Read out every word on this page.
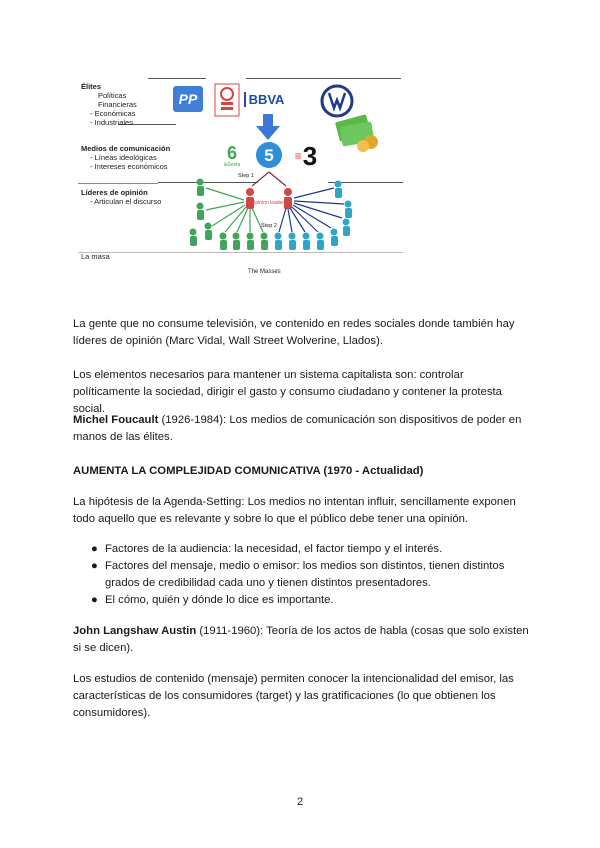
Élites
Políticas
Financieras
- Económicas
- Industriales
Medios de comunicación
- Líneas ideológicas
- Intereses económicos
Líderes de opinión
- Articulan el discurso
La masa
The Masses
PP	BBVA
VW
6
laSexta 5 ≡ 3
Step 1
Step 2
Opinion leaders

La gente que no consume televisión, ve contenido en redes sociales donde también hay líderes de opinión (Marc Vidal, Wall Street Wolverine, Llados).

Los elementos necesarios para mantener un sistema capitalista son: controlar políticamente la sociedad, dirigir el gasto y consumo ciudadano y contener la protesta social.

Michel Foucault (1926-1984): Los medios de comunicación son dispositivos de poder en manos de las élites.

AUMENTA LA COMPLEJIDAD COMUNICATIVA (1970 - Actualidad)

La hipótesis de la Agenda-Setting: Los medios no intentan influir, sencillamente exponen todo aquello que es relevante y sobre lo que el público debe tener una opinión.

● Factores de la audiencia: la necesidad, el factor tiempo y el interés.
● Factores del mensaje, medio o emisor: los medios son distintos, tienen distintos grados de credibilidad cada uno y tienen distintos presentadores.
● El cómo, quién y dónde lo dice es importante.

John Langshaw Austin (1911-1960): Teoría de los actos de habla (cosas que solo existen si se dicen).

Los estudios de contenido (mensaje) permiten conocer la intencionalidad del emisor, las características de los consumidores (target) y las gratificaciones (lo que obtienen los consumidores).

2
